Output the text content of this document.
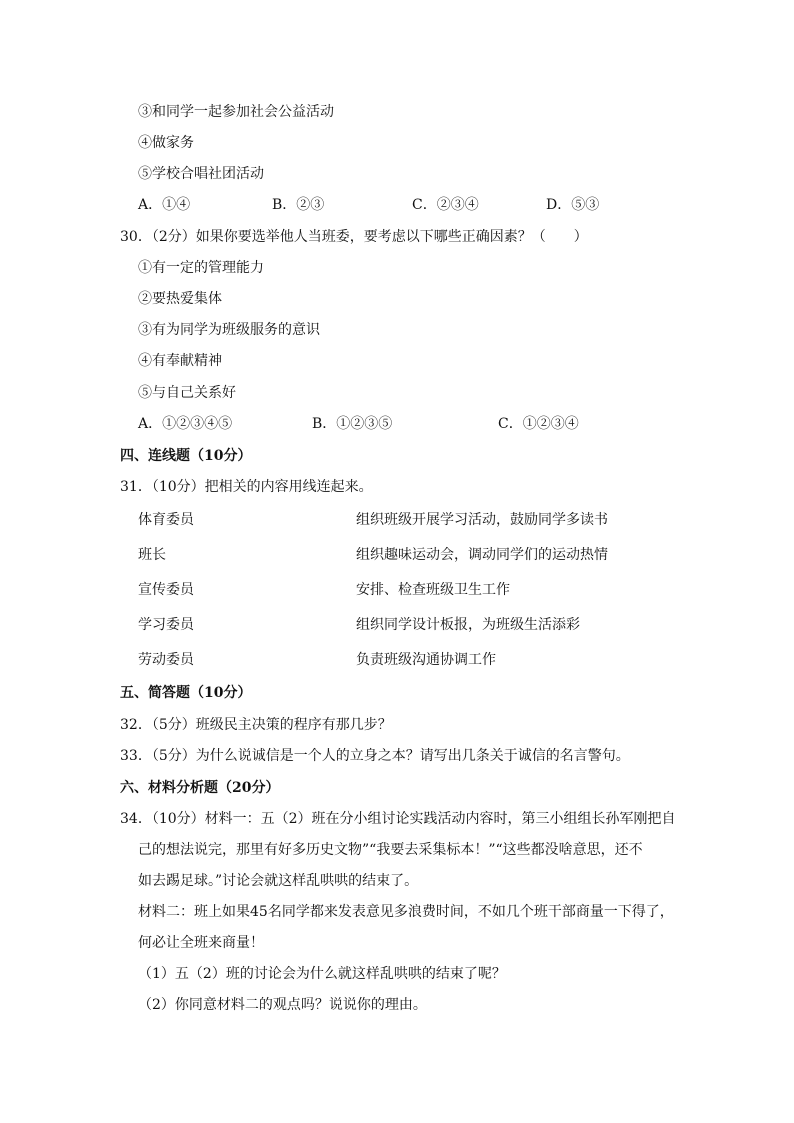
③和同学一起参加社会公益活动
④做家务
⑤学校合唱社团活动
A．①④	B．②③	C．②③④	D．⑤③
30．（2分）如果你要选举他人当班委，要考虑以下哪些正确因素？（　　）
①有一定的管理能力
②要热爱集体
③有为同学为班级服务的意识
④有奉献精神
⑤与自己关系好
A．①②③④⑤	B．①②③⑤	C．①②③④
四、连线题（10分）
31．（10分）把相关的内容用线连起来。
体育委员	组织班级开展学习活动，鼓励同学多读书
班长	组织趣味运动会，调动同学们的运动热情
宣传委员	安排、检查班级卫生工作
学习委员	组织同学设计板报，为班级生活添彩
劳动委员	负责班级沟通协调工作
五、简答题（10分）
32．（5分）班级民主决策的程序有那几步？
33．（5分）为什么说诚信是一个人的立身之本？请写出几条关于诚信的名言警句。
六、材料分析题（20分）
34．（10分）材料一：五（2）班在分小组讨论实践活动内容时，第三小组组长孙军刚把自
己的想法说完，那里有好多历史文物”“我要去采集标本！”“这些都没啥意思，还不
如去踢足球。”讨论会就这样乱哄哄的结束了。
材料二：班上如果45名同学都来发表意见多浪费时间，不如几个班干部商量一下得了，
何必让全班来商量！
（1）五（2）班的讨论会为什么就这样乱哄哄的结束了呢？
（2）你同意材料二的观点吗？说说你的理由。
